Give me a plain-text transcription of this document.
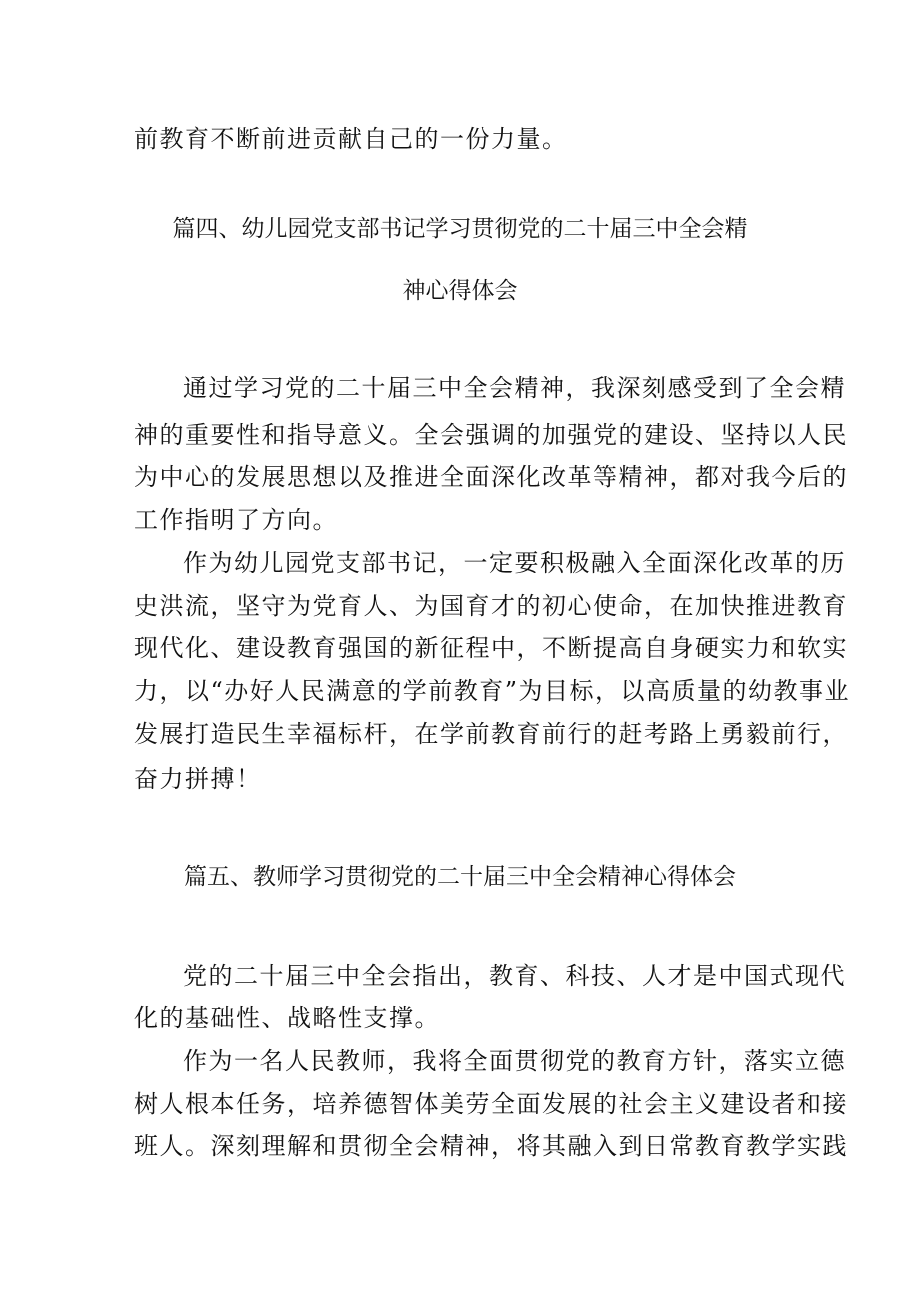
前教育不断前进贡献自己的一份力量。
篇四、幼儿园党支部书记学习贯彻党的二十届三中全会精
神心得体会
通过学习党的二十届三中全会精神，我深刻感受到了全会精
神的重要性和指导意义。全会强调的加强党的建设、坚持以人民
为中心的发展思想以及推进全面深化改革等精神，都对我今后的
工作指明了方向。
作为幼儿园党支部书记，一定要积极融入全面深化改革的历
史洪流，坚守为党育人、为国育才的初心使命，在加快推进教育
现代化、建设教育强国的新征程中，不断提高自身硬实力和软实
力，以“办好人民满意的学前教育”为目标，以高质量的幼教事业
发展打造民生幸福标杆，在学前教育前行的赶考路上勇毅前行，
奋力拼搏！
篇五、教师学习贯彻党的二十届三中全会精神心得体会
党的二十届三中全会指出，教育、科技、人才是中国式现代
化的基础性、战略性支撑。
作为一名人民教师，我将全面贯彻党的教育方针，落实立德
树人根本任务，培养德智体美劳全面发展的社会主义建设者和接
班人。深刻理解和贯彻全会精神，将其融入到日常教育教学实践
